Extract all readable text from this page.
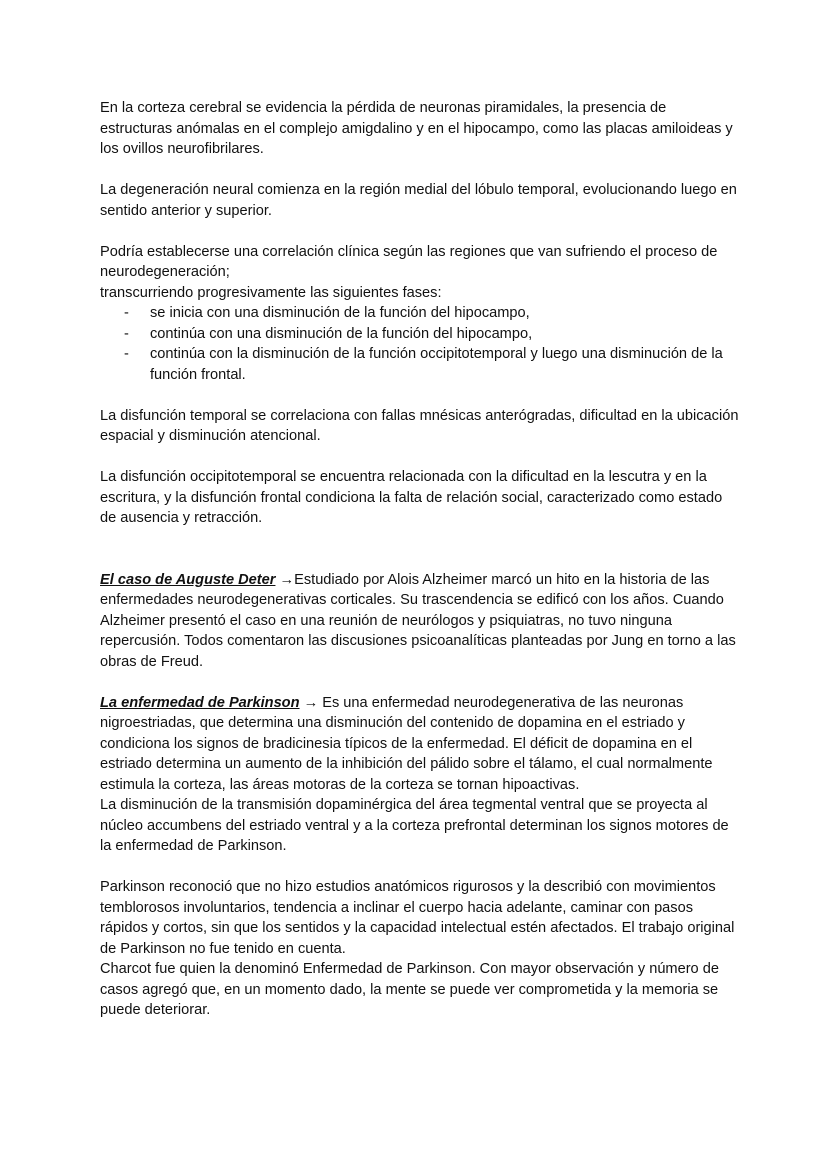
En la corteza cerebral se evidencia la pérdida de neuronas piramidales, la presencia de estructuras anómalas en el complejo amigdalino y en el hipocampo, como las placas amiloideas y los ovillos neurofibrilares.

La degeneración neural comienza en la región medial del lóbulo temporal, evolucionando luego en sentido anterior y superior.

Podría establecerse una correlación clínica según las regiones que van sufriendo el proceso de neurodegeneración;

transcurriendo progresivamente las siguientes fases:

- se inicia con una disminución de la función del hipocampo,
- continúa con una disminución de la función del hipocampo,
- continúa con la disminución de la función occipitotemporal y luego una disminución de la función frontal.

La disfunción temporal se correlaciona con fallas mnésicas anterógradas, dificultad en la ubicación espacial y disminución atencional.

La disfunción occipitotemporal se encuentra relacionada con la dificultad en la lescutra y en la escritura, y la disfunción frontal condiciona la falta de relación social, caracterizado como estado de ausencia y retracción.

El caso de Auguste Deter →Estudiado por Alois Alzheimer marcó un hito en la historia de las enfermedades neurodegenerativas corticales. Su trascendencia se edificó con los años. Cuando Alzheimer presentó el caso en una reunión de neurólogos y psiquiatras, no tuvo ninguna repercusión. Todos comentaron las discusiones psicoanalíticas planteadas por Jung en torno a las obras de Freud.

La enfermedad de Parkinson → Es una enfermedad neurodegenerativa de las neuronas nigroestriadas, que determina una disminución del contenido de dopamina en el estriado y condiciona los signos de bradicinesia típicos de la enfermedad. El déficit de dopamina en el estriado determina un aumento de la inhibición del pálido sobre el tálamo, el cual normalmente estimula la corteza, las áreas motoras de la corteza se tornan hipoactivas.

La disminución de la transmisión dopaminérgica del área tegmental ventral que se proyecta al núcleo accumbens del estriado ventral y a la corteza prefrontal determinan los signos motores de la enfermedad de Parkinson.

Parkinson reconoció que no hizo estudios anatómicos rigurosos y la describió con movimientos temblorosos involuntarios, tendencia a inclinar el cuerpo hacia adelante, caminar con pasos rápidos y cortos, sin que los sentidos y la capacidad intelectual estén afectados. El trabajo original de Parkinson no fue tenido en cuenta.

Charcot fue quien la denominó Enfermedad de Parkinson. Con mayor observación y número de casos agregó que, en un momento dado, la mente se puede ver comprometida y la memoria se puede deteriorar.
